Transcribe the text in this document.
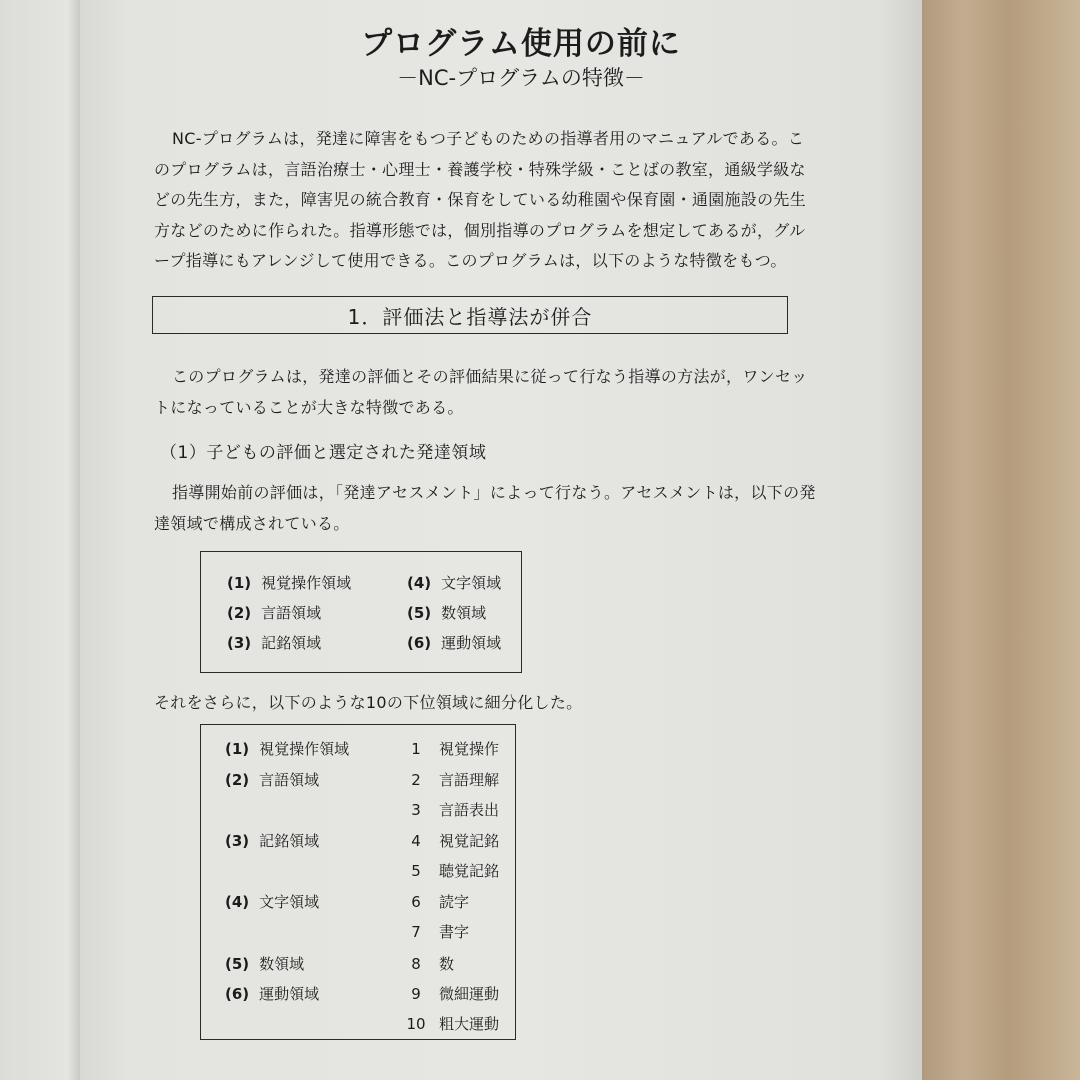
プログラム使用の前に
－NC-プログラムの特徴－
NC-プログラムは，発達に障害をもつ子どものための指導者用のマニュアルである。こ
のプログラムは，言語治療士・心理士・養護学校・特殊学級・ことばの教室，通級学級な
どの先生方，また，障害児の統合教育・保育をしている幼稚園や保育園・通園施設の先生
方などのために作られた。指導形態では，個別指導のプログラムを想定してあるが，グル
ープ指導にもアレンジして使用できる。このプログラムは，以下のような特徴をもつ。
1．評価法と指導法が併合
このプログラムは，発達の評価とその評価結果に従って行なう指導の方法が，ワンセッ
トになっていることが大きな特徴である。
（1）子どもの評価と選定された発達領域
指導開始前の評価は，「発達アセスメント」によって行なう。アセスメントは，以下の発
達領域で構成されている。
(1) 視覚操作領域
(2) 言語領域
(3) 記銘領域
(4) 文字領域
(5) 数領域
(6) 運動領域
それをさらに，以下のような10の下位領域に細分化した。
(1) 視覚操作領域
(2) 言語領域
(3) 記銘領域
(4) 文字領域
(5) 数領域
(6) 運動領域
1 視覚操作
2 言語理解
3 言語表出
4 視覚記銘
5 聴覚記銘
6 読字
7 書字
8 数
9 微細運動
10 粗大運動
